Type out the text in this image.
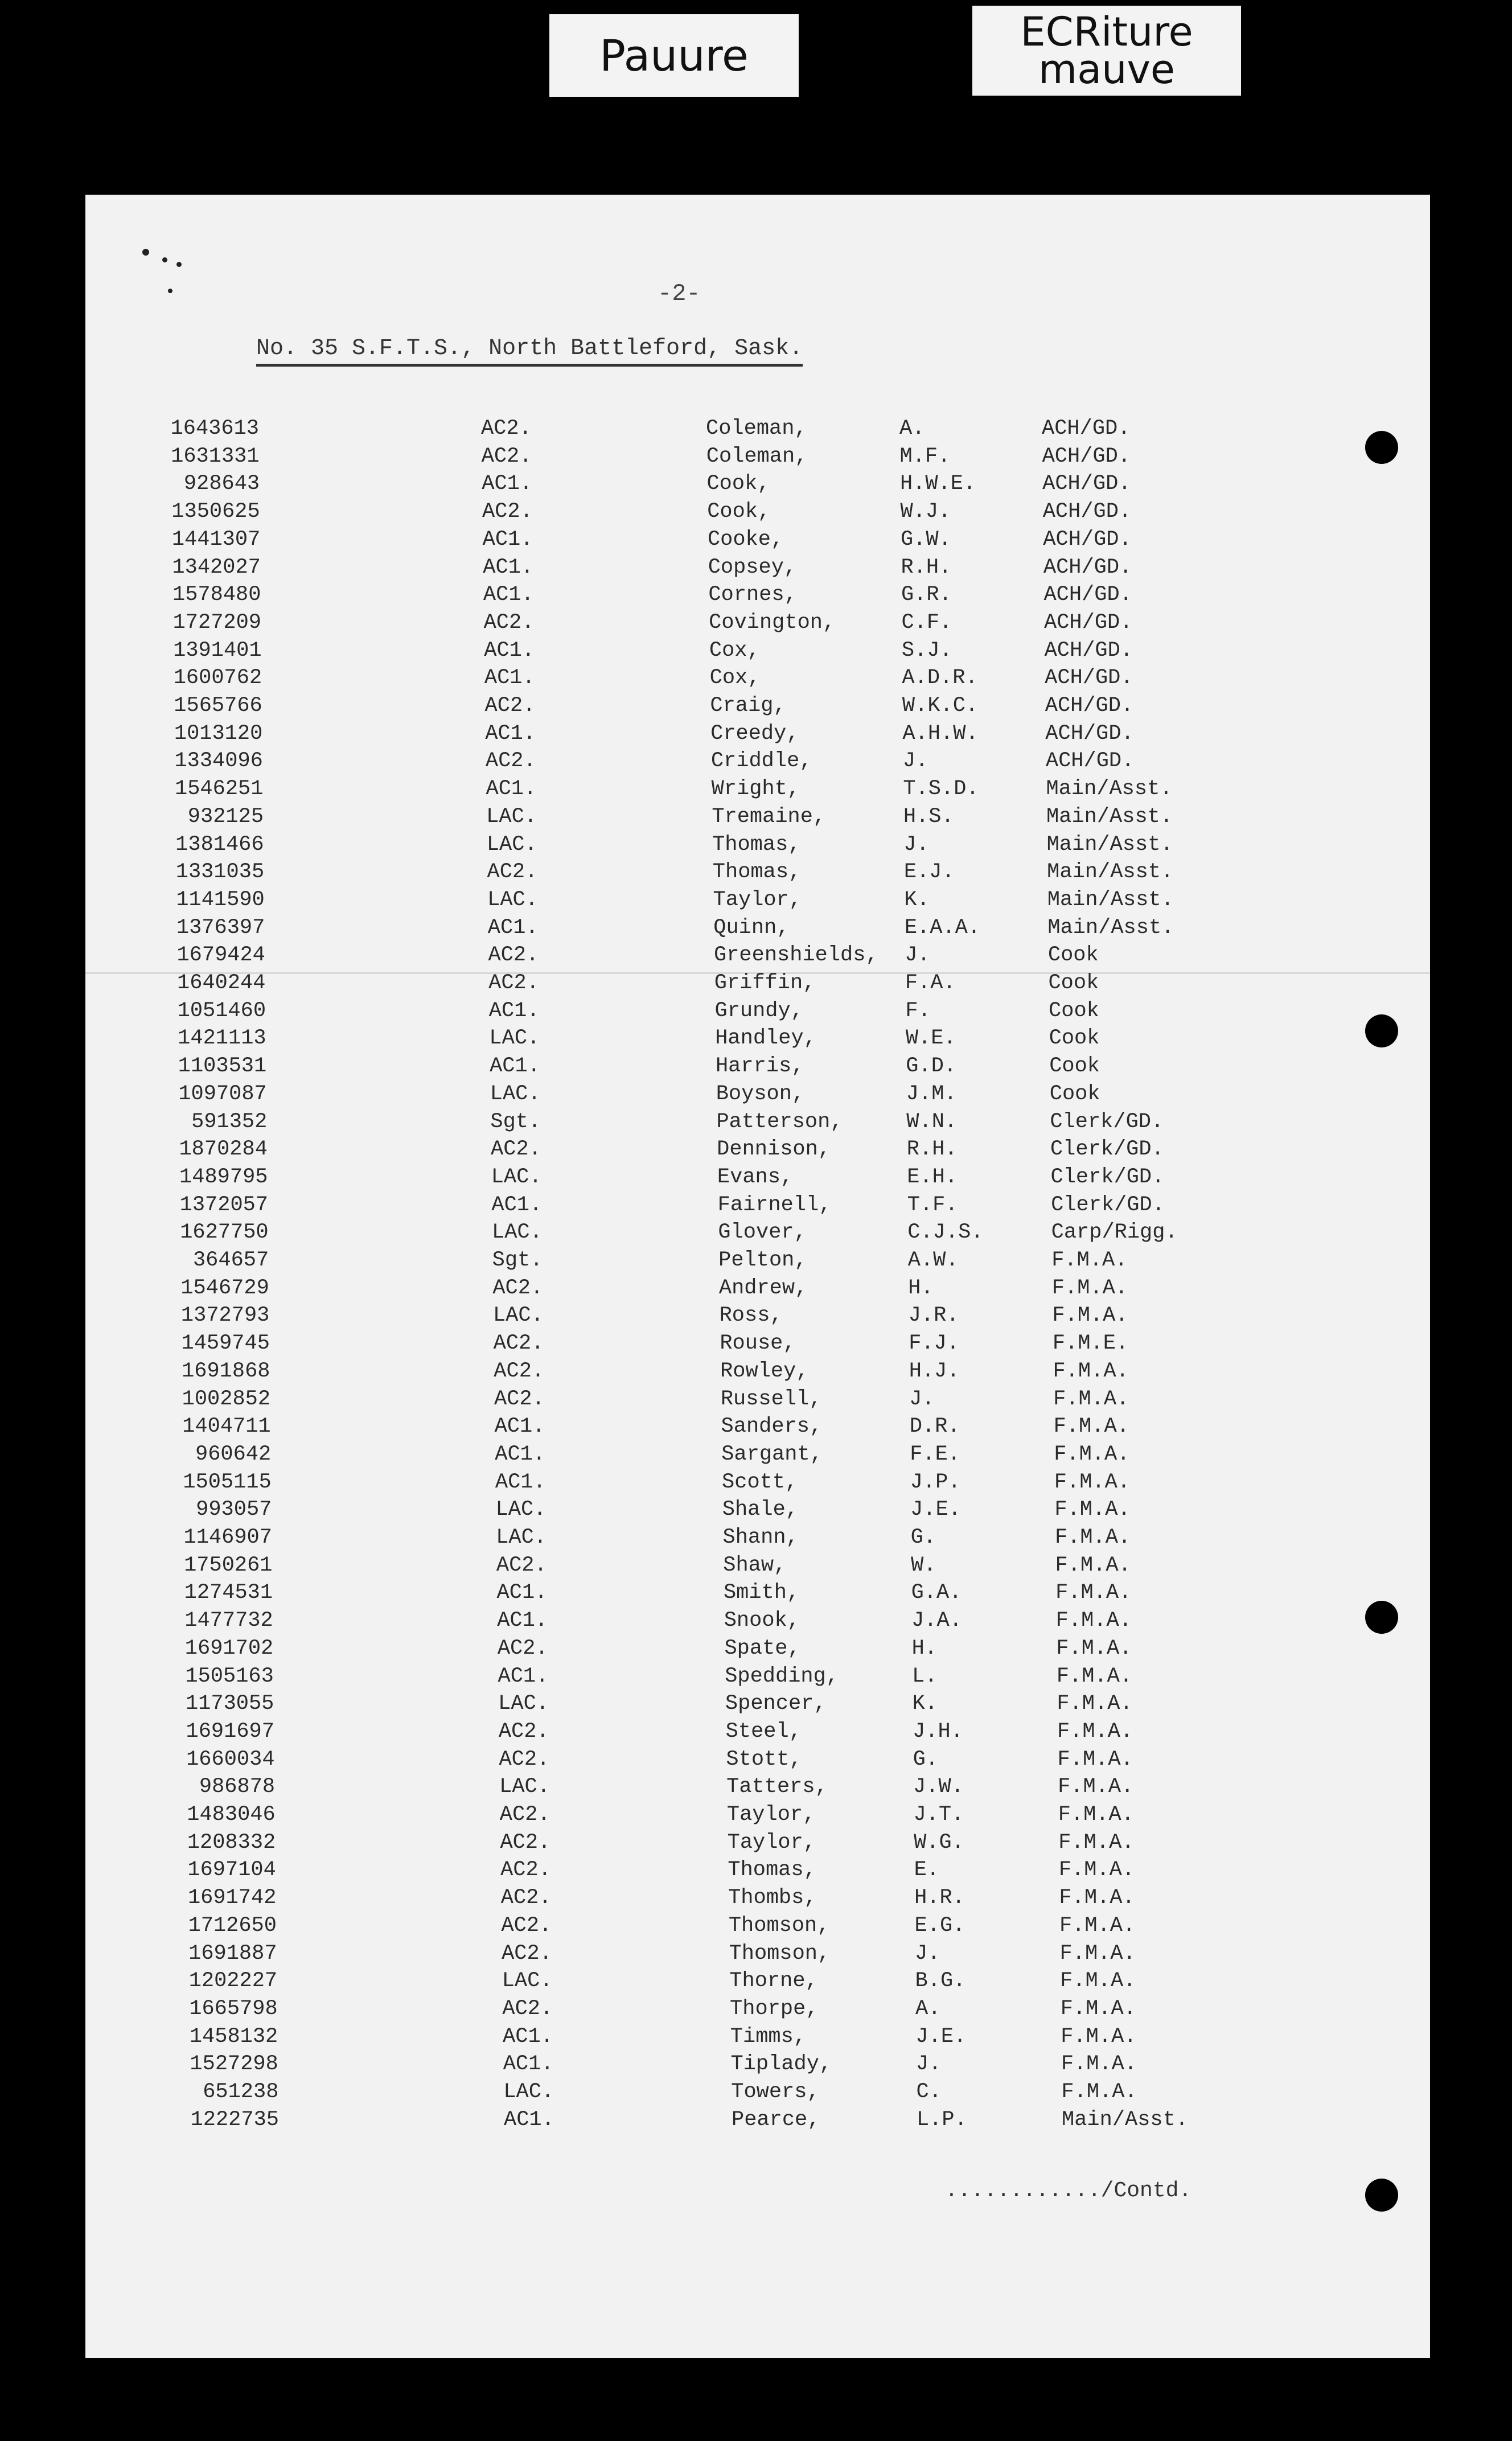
Pauure	ECRiture
mauve
-2-
No. 35 S.F.T.S., North Battleford, Sask.
1643613	AC2.	Coleman,	A.	ACH/GD.
1631331	AC2.	Coleman,	M.F.	ACH/GD.
928643	AC1.	Cook,	H.W.E.	ACH/GD.
1350625	AC2.	Cook,	W.J.	ACH/GD.
1441307	AC1.	Cooke,	G.W.	ACH/GD.
1342027	AC1.	Copsey,	R.H.	ACH/GD.
1578480	AC1.	Cornes,	G.R.	ACH/GD.
1727209	AC2.	Covington,	C.F.	ACH/GD.
1391401	AC1.	Cox,	S.J.	ACH/GD.
1600762	AC1.	Cox,	A.D.R.	ACH/GD.
1565766	AC2.	Craig,	W.K.C.	ACH/GD.
1013120	AC1.	Creedy,	A.H.W.	ACH/GD.
1334096	AC2.	Criddle,	J.	ACH/GD.
1546251	AC1.	Wright,	T.S.D.	Main/Asst.
932125	LAC.	Tremaine,	H.S.	Main/Asst.
1381466	LAC.	Thomas,	J.	Main/Asst.
1331035	AC2.	Thomas,	E.J.	Main/Asst.
1141590	LAC.	Taylor,	K.	Main/Asst.
1376397	AC1.	Quinn,	E.A.A.	Main/Asst.
1679424	AC2.	Greenshields, J.	Cook
1640244	AC2.	Griffin,	F.A.	Cook
1051460	AC1.	Grundy,	F.	Cook
1421113	LAC.	Handley,	W.E.	Cook
1103531	AC1.	Harris,	G.D.	Cook
1097087	LAC.	Boyson,	J.M.	Cook
591352	Sgt.	Patterson,	W.N.	Clerk/GD.
1870284	AC2.	Dennison,	R.H.	Clerk/GD.
1489795	LAC.	Evans,	E.H.	Clerk/GD.
1372057	AC1.	Fairnell,	T.F.	Clerk/GD.
1627750	LAC.	Glover,	C.J.S.	Carp/Rigg.
364657	Sgt.	Pelton,	A.W.	F.M.A.
1546729	AC2.	Andrew,	H.	F.M.A.
1372793	LAC.	Ross,	J.R.	F.M.A.
1459745	AC2.	Rouse,	F.J.	F.M.E.
1691868	AC2.	Rowley,	H.J.	F.M.A.
1002852	AC2.	Russell,	J.	F.M.A.
1404711	AC1.	Sanders,	D.R.	F.M.A.
960642	AC1.	Sargant,	F.E.	F.M.A.
1505115	AC1.	Scott,	J.P.	F.M.A.
993057	LAC.	Shale,	J.E.	F.M.A.
1146907	LAC.	Shann,	G.	F.M.A.
1750261	AC2.	Shaw,	W.	F.M.A.
1274531	AC1.	Smith,	G.A.	F.M.A.
1477732	AC1.	Snook,	J.A.	F.M.A.
1691702	AC2.	Spate,	H.	F.M.A.
1505163	AC1.	Spedding,	L.	F.M.A.
1173055	LAC.	Spencer,	K.	F.M.A.
1691697	AC2.	Steel,	J.H.	F.M.A.
1660034	AC2.	Stott,	G.	F.M.A.
986878	LAC.	Tatters,	J.W.	F.M.A.
1483046	AC2.	Taylor,	J.T.	F.M.A.
1208332	AC2.	Taylor,	W.G.	F.M.A.
1697104	AC2.	Thomas,	E.	F.M.A.
1691742	AC2.	Thombs,	H.R.	F.M.A.
1712650	AC2.	Thomson,	E.G.	F.M.A.
1691887	AC2.	Thomson,	J.	F.M.A.
1202227	LAC.	Thorne,	B.G.	F.M.A.
1665798	AC2.	Thorpe,	A.	F.M.A.
1458132	AC1.	Timms,	J.E.	F.M.A.
1527298	AC1.	Tiplady,	J.	F.M.A.
651238	LAC.	Towers,	C.	F.M.A.
1222735	AC1.	Pearce,	L.P.	Main/Asst.
............/Contd.
